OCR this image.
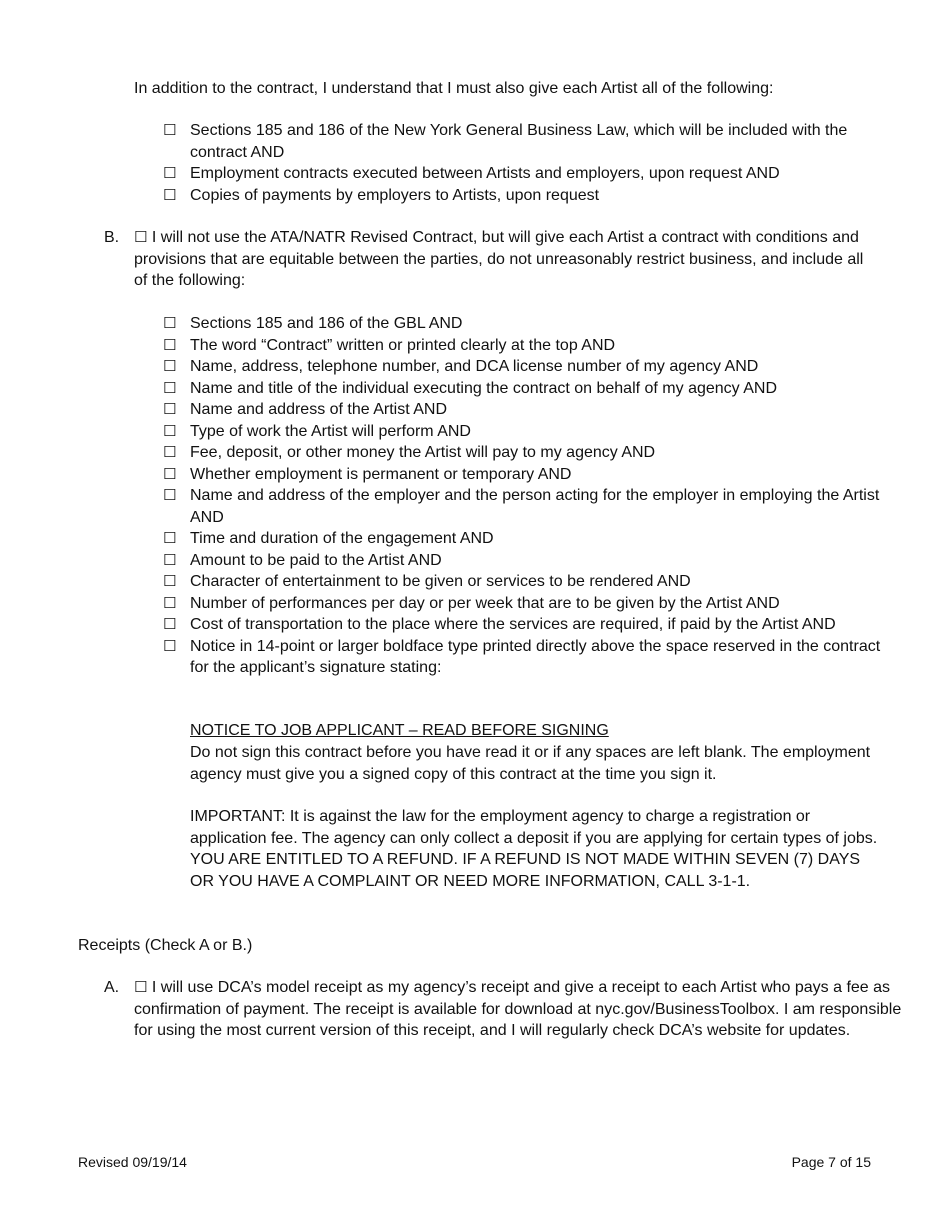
In addition to the contract, I understand that I must also give each Artist all of the following:
☐ Sections 185 and 186 of the New York General Business Law, which will be included with the contract AND
☐ Employment contracts executed between Artists and employers, upon request AND
☐ Copies of payments by employers to Artists, upon request
B. ☐ I will not use the ATA/NATR Revised Contract, but will give each Artist a contract with conditions and provisions that are equitable between the parties, do not unreasonably restrict business, and include all of the following:
☐ Sections 185 and 186 of the GBL AND
☐ The word “Contract” written or printed clearly at the top AND
☐ Name, address, telephone number, and DCA license number of my agency AND
☐ Name and title of the individual executing the contract on behalf of my agency AND
☐ Name and address of the Artist AND
☐ Type of work the Artist will perform AND
☐ Fee, deposit, or other money the Artist will pay to my agency AND
☐ Whether employment is permanent or temporary AND
☐ Name and address of the employer and the person acting for the employer in employing the Artist AND
☐ Time and duration of the engagement AND
☐ Amount to be paid to the Artist AND
☐ Character of entertainment to be given or services to be rendered AND
☐ Number of performances per day or per week that are to be given by the Artist AND
☐ Cost of transportation to the place where the services are required, if paid by the Artist AND
☐ Notice in 14-point or larger boldface type printed directly above the space reserved in the contract for the applicant’s signature stating:
NOTICE TO JOB APPLICANT – READ BEFORE SIGNING
Do not sign this contract before you have read it or if any spaces are left blank. The employment agency must give you a signed copy of this contract at the time you sign it.
IMPORTANT: It is against the law for the employment agency to charge a registration or application fee. The agency can only collect a deposit if you are applying for certain types of jobs. YOU ARE ENTITLED TO A REFUND. IF A REFUND IS NOT MADE WITHIN SEVEN (7) DAYS OR YOU HAVE A COMPLAINT OR NEED MORE INFORMATION, CALL 3-1-1.
Receipts (Check A or B.)
A. ☐ I will use DCA’s model receipt as my agency’s receipt and give a receipt to each Artist who pays a fee as confirmation of payment. The receipt is available for download at nyc.gov/BusinessToolbox. I am responsible for using the most current version of this receipt, and I will regularly check DCA’s website for updates.
Revised 09/19/14	Page 7 of 15
